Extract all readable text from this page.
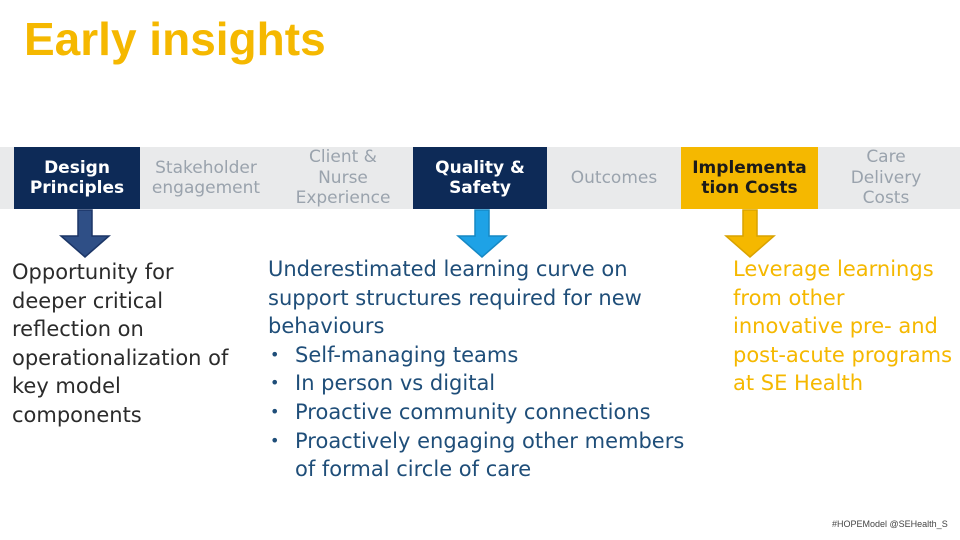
Early insights
Design Principles
Stakeholder engagement
Client & Nurse Experience
Quality & Safety
Outcomes
Implementa tion Costs
Care Delivery Costs
Opportunity for deeper critical reflection on operationalization of key model components
Underestimated learning curve on support structures required for new behaviours
• Self-managing teams
• In person vs digital
• Proactive community connections
• Proactively engaging other members of formal circle of care
Leverage learnings from other innovative pre- and post-acute programs at SE Health
#HOPEModel @SEHealth_S
